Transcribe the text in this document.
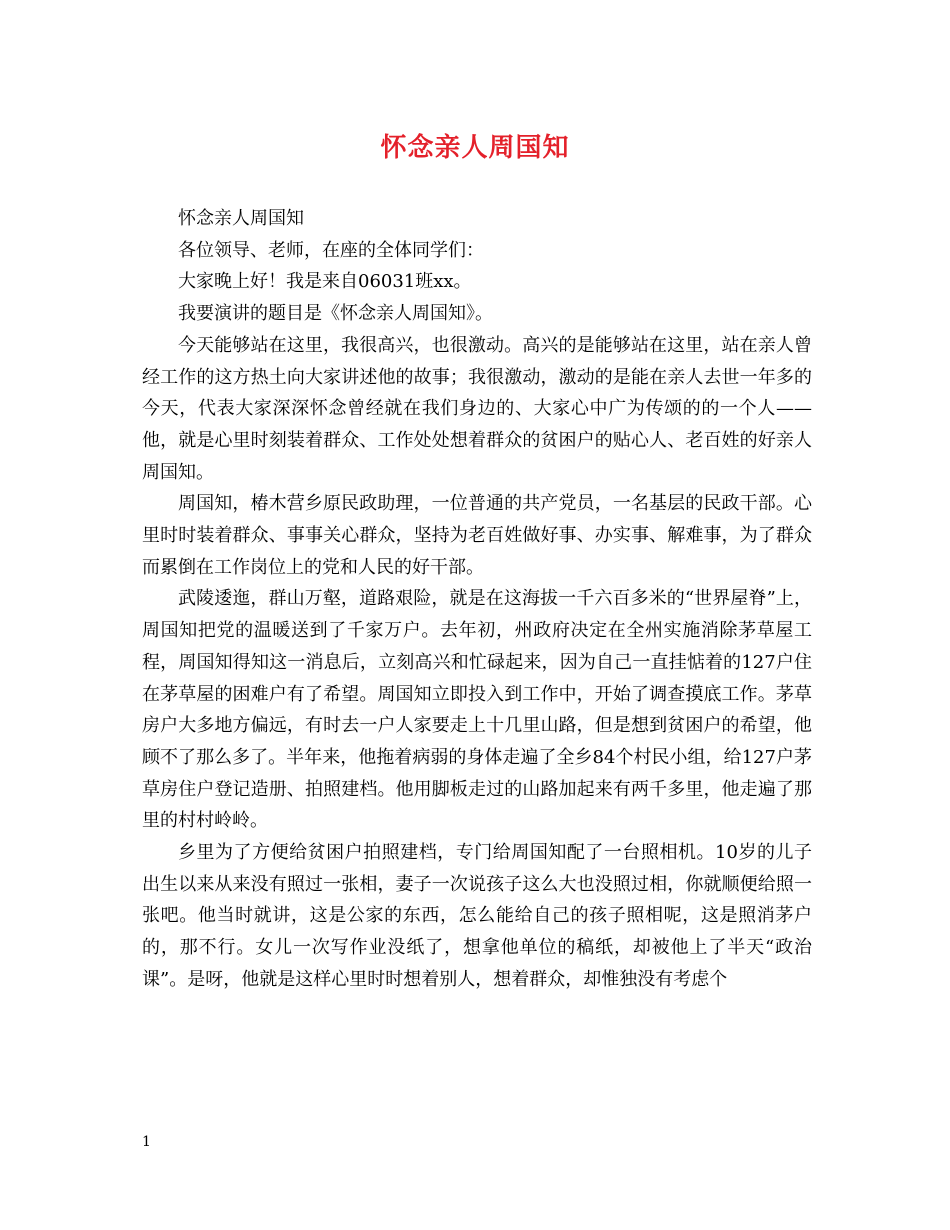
怀念亲人周国知

怀念亲人周国知

各位领导、老师，在座的全体同学们：

大家晚上好！我是来自06031班xx。

我要演讲的题目是《怀念亲人周国知》。

今天能够站在这里，我很高兴，也很激动。高兴的是能够站在这里，站在亲人曾经工作的这方热土向大家讲述他的故事；我很激动，激动的是能在亲人去世一年多的今天，代表大家深深怀念曾经就在我们身边的、大家心中广为传颂的的一个人——他，就是心里时刻装着群众、工作处处想着群众的贫困户的贴心人、老百姓的好亲人周国知。

周国知，椿木营乡原民政助理，一位普通的共产党员，一名基层的民政干部。心里时时装着群众、事事关心群众，坚持为老百姓做好事、办实事、解难事，为了群众而累倒在工作岗位上的党和人民的好干部。

武陵逶迤，群山万壑，道路艰险，就是在这海拔一千六百多米的“世界屋脊”上，周国知把党的温暖送到了千家万户。去年初，州政府决定在全州实施消除茅草屋工程，周国知得知这一消息后，立刻高兴和忙碌起来，因为自己一直挂惦着的127户住在茅草屋的困难户有了希望。周国知立即投入到工作中，开始了调查摸底工作。茅草房户大多地方偏远，有时去一户人家要走上十几里山路，但是想到贫困户的希望，他顾不了那么多了。半年来，他拖着病弱的身体走遍了全乡84个村民小组，给127户茅草房住户登记造册、拍照建档。他用脚板走过的山路加起来有两千多里，他走遍了那里的村村岭岭。

乡里为了方便给贫困户拍照建档，专门给周国知配了一台照相机。10岁的儿子出生以来从来没有照过一张相，妻子一次说孩子这么大也没照过相，你就顺便给照一张吧。他当时就讲，这是公家的东西，怎么能给自己的孩子照相呢，这是照消茅户的，那不行。女儿一次写作业没纸了，想拿他单位的稿纸，却被他上了半天“政治课”。是呀，他就是这样心里时时想着别人，想着群众，却惟独没有考虑个

1
